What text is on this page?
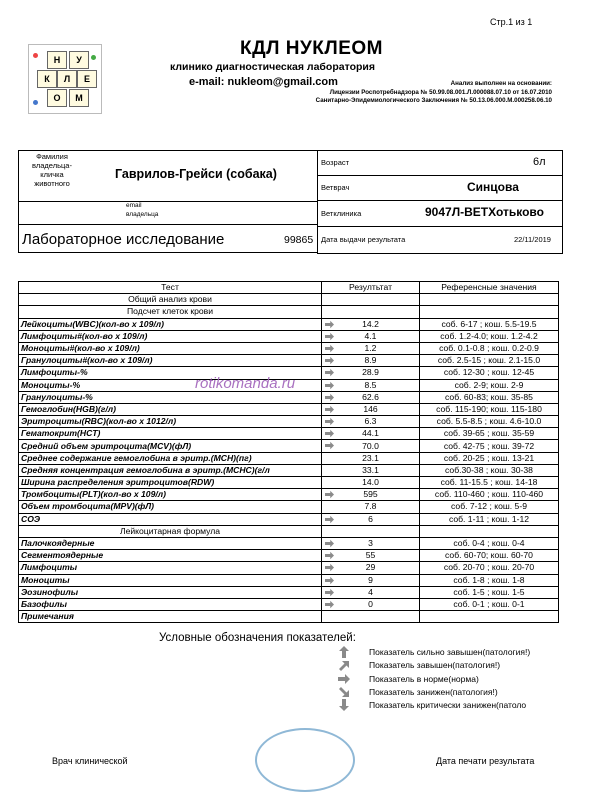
Стр.1 из 1
Н	У
К	Л	Е
О	М
КДЛ НУКЛЕОМ
клинико диагностическая лаборатория
e-mail: nukleom@gmail.com	Анализ выполнен на основании:
Лицензии Роспотребнадзора № 50.99.08.001.Л.000088.07.10 от 16.07.2010
Санитарно-Эпидемиологического Заключения № 50.13.06.000.М.000258.06.10
Фамилия владельца-кличка животного
Гаврилов-Грейси (собака)
email владельца
Лабораторное исследование	99865
Возраст	6л
Ветврач	Синцова
Ветклиника	9047Л-ВЕТХотьково
Дата выдачи результата	22/11/2019
Тест	Резултьтат	Референсные значения
Общий анализ крови		
Подсчет клеток крови		
Лейкоциты(WBC)(кол-во х 109/л)	14.2	соб. 6-17 ; кош. 5.5-19.5
Лимфоциты#(кол-во х 109/л)	4.1	соб. 1.2-4.0; кош. 1.2-4.2
Моноциты#(кол-во х 109/л)	1.2	соб. 0.1-0.8 ; кош. 0.2-0.9
Гранулоциты#(кол-во х 109/л)	8.9	соб. 2.5-15 ; кош. 2.1-15.0
Лимфоциты-%	28.9	соб. 12-30 ; кош. 12-45
Моноциты-%	8.5	соб. 2-9; кош. 2-9
Гранулоциты-%	62.6	соб. 60-83; кош. 35-85
Гемоглобин(HGB)(г/л)	146	соб. 115-190; кош. 115-180
Эритроциты(RBC)(кол-во х 1012/л)	6.3	соб. 5.5-8.5 ; кош. 4.6-10.0
Гематокрит(HCT)	44.1	соб. 39-65 ; кош. 35-59
Средний объем эритроцита(MCV)(фЛ)	70.0	соб. 42-75 ; кош. 39-72
Среднее содержание гемоглобина в эритр.(MCH)(пг)	23.1	соб. 20-25 ; кош. 13-21
Средняя концентрация гемоглобина в эритр.(MCHC)(г/л	33.1	соб.30-38 ; кош. 30-38
Ширина распределения эритроцитов(RDW)	14.0	соб. 11-15.5 ; кош. 14-18
Тромбоциты(PLT)(кол-во х 109/л)	595	соб. 110-460 ; кош. 110-460
Объем тромбоцита(MPV)(фЛ)	7.8	соб. 7-12 ; кош. 5-9
СОЭ	6	соб. 1-11 ; кош. 1-12
Лейкоцитарная формула		
Палочкоядерные	3	соб. 0-4 ; кош. 0-4
Сегментоядерные	55	соб. 60-70; кош. 60-70
Лимфоциты	29	соб. 20-70 ; кош. 20-70
Моноциты	9	соб. 1-8 ; кош. 1-8
Эозинофилы	4	соб. 1-5 ; кош. 1-5
Базофилы	0	соб. 0-1 ; кош. 0-1
Примечания		
rotikomanda.ru
Условные обозначения показателей:
Показатель сильно завышен(патология!)
Показатель завышен(патология!)
Показатель в норме(норма)
Показатель занижен(патология!)
Показатель критически занижен(патоло
Врач клинической	Дата печати результата
